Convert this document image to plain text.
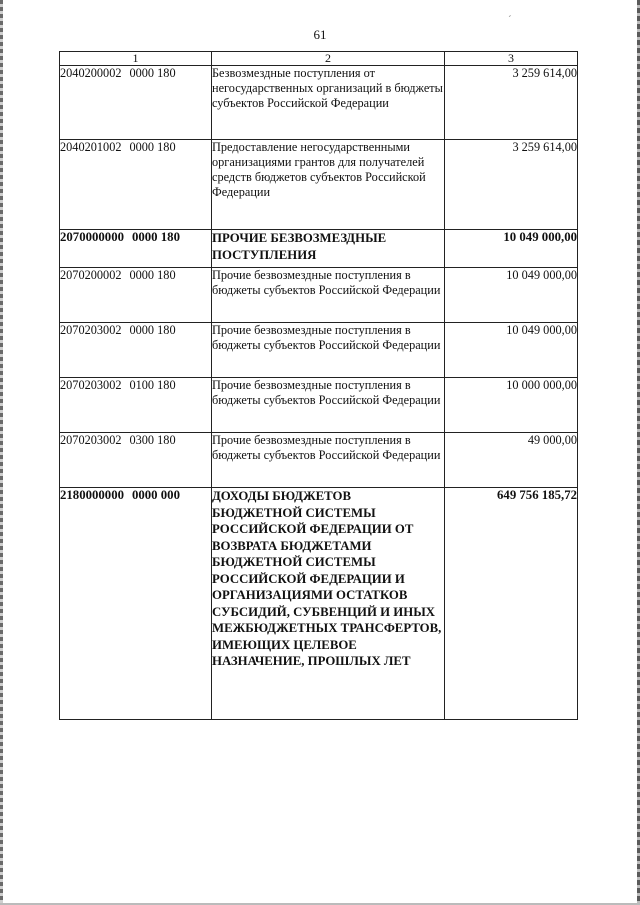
ˊ
61
1	2	3
2040200002 0000 180	Безвозмездные поступления от негосударственных организаций в бюджеты субъектов Российской Федерации	3 259 614,00
2040201002 0000 180	Предоставление негосударственными организациями грантов для получателей средств бюджетов субъектов Российской Федерации	3 259 614,00
2070000000 0000 180	ПРОЧИЕ БЕЗВОЗМЕЗДНЫЕ ПОСТУПЛЕНИЯ	10 049 000,00
2070200002 0000 180	Прочие безвозмездные поступления в бюджеты субъектов Российской Федерации	10 049 000,00
2070203002 0000 180	Прочие безвозмездные поступления в бюджеты субъектов Российской Федерации	10 049 000,00
2070203002 0100 180	Прочие безвозмездные поступления в бюджеты субъектов Российской Федерации	10 000 000,00
2070203002 0300 180	Прочие безвозмездные поступления в бюджеты субъектов Российской Федерации	49 000,00
2180000000 0000 000	ДОХОДЫ БЮДЖЕТОВ БЮДЖЕТНОЙ СИСТЕМЫ РОССИЙСКОЙ ФЕДЕРАЦИИ ОТ ВОЗВРАТА БЮДЖЕТАМИ БЮДЖЕТНОЙ СИСТЕМЫ РОССИЙСКОЙ ФЕДЕРАЦИИ И ОРГАНИЗАЦИЯМИ ОСТАТКОВ СУБСИДИЙ, СУБВЕНЦИЙ И ИНЫХ МЕЖБЮДЖЕТНЫХ ТРАНСФЕРТОВ, ИМЕЮЩИХ ЦЕЛЕВОЕ НАЗНАЧЕНИЕ, ПРОШЛЫХ ЛЕТ	649 756 185,72
